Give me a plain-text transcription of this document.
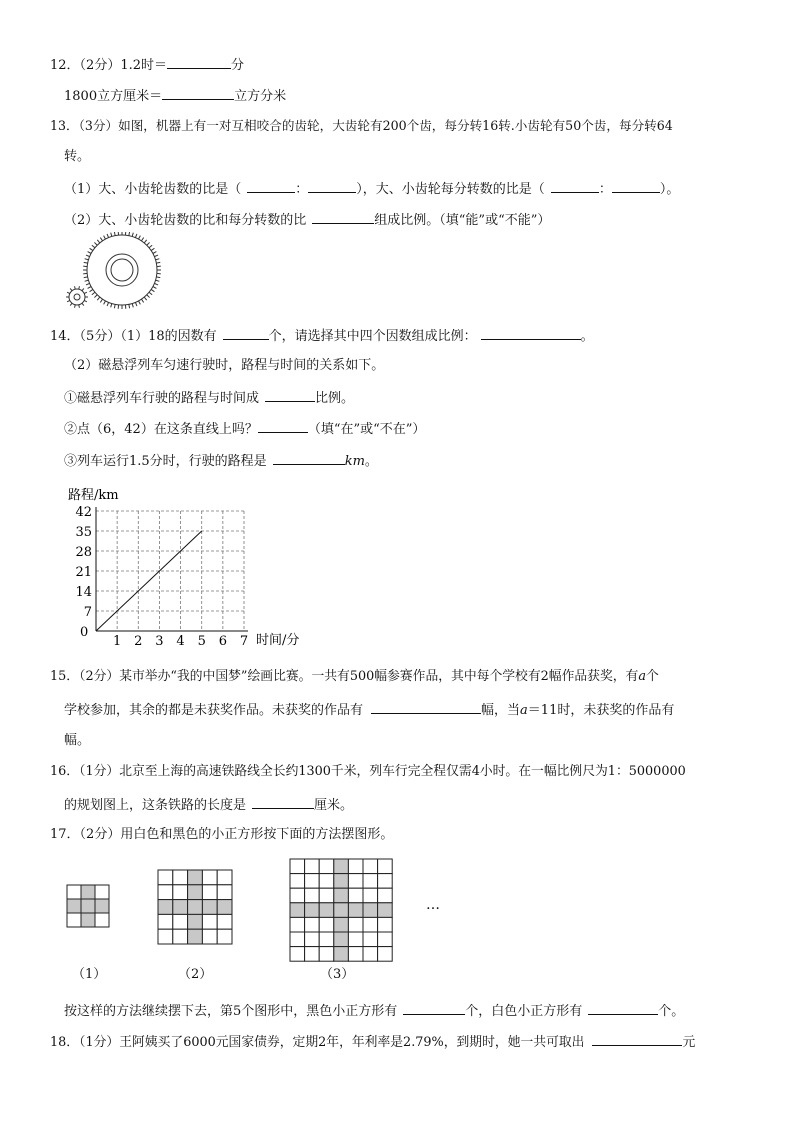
12．（2分）1.2时＝	分
1800立方厘米＝	立方分米
13．（3分）如图，机器上有一对互相咬合的齿轮，大齿轮有200个齿，每分转16转.小齿轮有50个齿，每分转64
转。
（1）大、小齿轮齿数的比是（	：	），大、小齿轮每分转数的比是（	：	）。
（2）大、小齿轮齿数的比和每分转数的比	组成比例。（填“能”或“不能”）
14．（5分）（1）18的因数有	个，请选择其中四个因数组成比例：	。
（2）磁悬浮列车匀速行驶时，路程与时间的关系如下。
①磁悬浮列车行驶的路程与时间成	比例。
②点（6，42）在这条直线上吗？	（填“在”或“不在”）
③列车运行1.5分时，行驶的路程是	km。
路程/km
时间/分
0
1 2 3 4 5 6 7
42
35
28
21
14
7
15．（2分）某市举办“我的中国梦”绘画比赛。一共有500幅参赛作品，其中每个学校有2幅作品获奖，有a个
学校参加，其余的都是未获奖作品。未获奖的作品有	幅，当a＝11时，未获奖的作品有
幅。
16．（1分）北京至上海的高速铁路线全长约1300千米，列车行完全程仅需4小时。在一幅比例尺为1：5000000
的规划图上，这条铁路的长度是	厘米。
17．（2分）用白色和黑色的小正方形按下面的方法摆图形。
…
（1）	（2）	（3）
按这样的方法继续摆下去，第5个图形中，黑色小正方形有	个，白色小正方形有	个。
18．（1分）王阿姨买了6000元国家债券，定期2年，年利率是2.79%，到期时，她一共可取出	元
